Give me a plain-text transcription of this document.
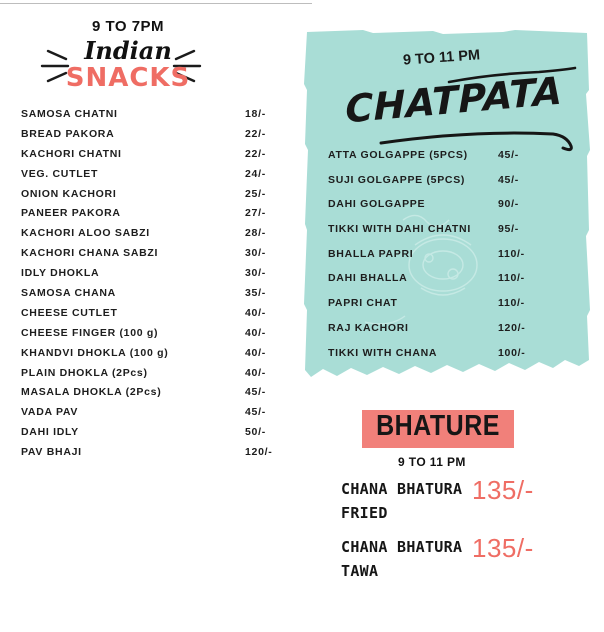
9 TO 7PM
Indian
SNACKS
SAMOSA CHATNI	18/-
BREAD PAKORA	22/-
KACHORI CHATNI	22/-
VEG. CUTLET	24/-
ONION KACHORI	25/-
PANEER PAKORA	27/-
KACHORI ALOO SABZI	28/-
KACHORI CHANA SABZI	30/-
IDLY DHOKLA	30/-
SAMOSA CHANA	35/-
CHEESE CUTLET	40/-
CHEESE FINGER (100 g)	40/-
KHANDVI DHOKLA (100 g)	40/-
PLAIN DHOKLA (2Pcs)	40/-
MASALA DHOKLA (2Pcs)	45/-
VADA PAV	45/-
DAHI IDLY	50/-
PAV BHAJI	120/-
9 TO 11 PM
CHATPATA
ATTA GOLGAPPE (5PCS)	45/-
SUJI GOLGAPPE (5PCS)	45/-
DAHI GOLGAPPE	90/-
TIKKI WITH DAHI CHATNI	95/-
BHALLA PAPRI	110/-
DAHI BHALLA	110/-
PAPRI CHAT	110/-
RAJ KACHORI	120/-
TIKKI WITH CHANA	100/-
BHATURE
9 TO 11 PM
CHANA BHATURA
FRIED
135/-
CHANA BHATURA
TAWA
135/-
